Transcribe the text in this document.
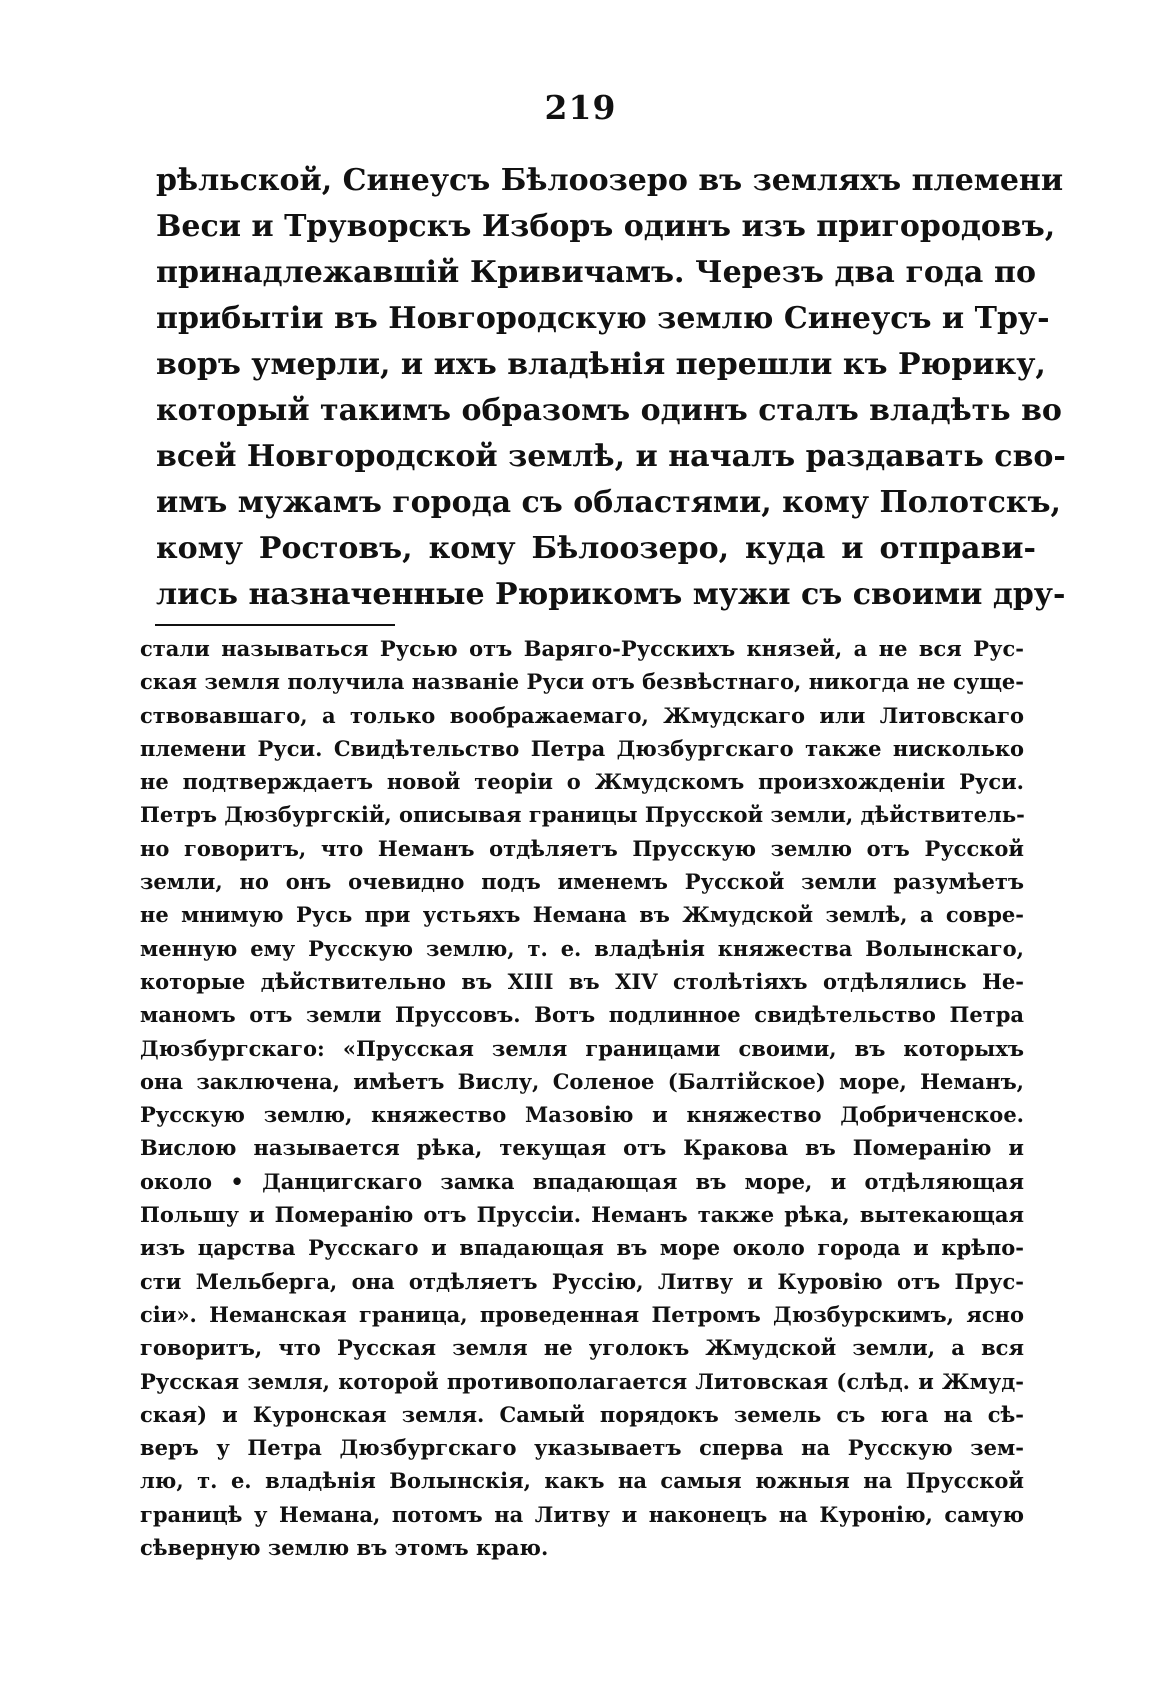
219
рѣльской, Синеусъ Бѣлоозеро въ земляхъ племени
Веси и Труворскъ Изборъ одинъ изъ пригородовъ,
принадлежавшій Кривичамъ. Черезъ два года по
прибытіи въ Новгородскую землю Синеусъ и Тру-
воръ умерли, и ихъ владѣнія перешли къ Рюрику,
который такимъ образомъ одинъ сталъ владѣть во
всей Новгородской землѣ, и началъ раздавать сво-
имъ мужамъ города съ областями, кому Полотскъ,
кому Ростовъ, кому Бѣлоозеро, куда и отправи-
лись назначенные Рюрикомъ мужи съ своими дру-
стали называться Русью отъ Варяго-Русскихъ князей, а не вся Рус-
ская земля получила названіе Руси отъ безвѣстнаго, никогда не суще-
ствовавшаго, а только воображаемаго, Жмудскаго или Литовскаго
племени Руси. Свидѣтельство Петра Дюзбургскаго также нисколько
не подтверждаетъ новой теоріи о Жмудскомъ произхожденіи Руси.
Петръ Дюзбургскій, описывая границы Прусской земли, дѣйствитель-
но говоритъ, что Неманъ отдѣляетъ Прусскую землю отъ Русской
земли, но онъ очевидно подъ именемъ Русской земли разумѣетъ
не мнимую Русь при устьяхъ Немана въ Жмудской землѣ, а совре-
менную ему Русскую землю, т. е. владѣнія княжества Волынскаго,
которые дѣйствительно въ XIII въ XIV столѣтіяхъ отдѣлялись Не-
маномъ отъ земли Пруссовъ. Вотъ подлинное свидѣтельство Петра
Дюзбургскаго: «Прусская земля границами своими, въ которыхъ
она заключена, имѣетъ Вислу, Соленое (Балтійское) море, Неманъ,
Русскую землю, княжество Мазовію и княжество Добриченское.
Вислою называется рѣка, текущая отъ Кракова въ Померанію и
около • Данцигскаго замка впадающая въ море, и отдѣляющая
Польшу и Померанію отъ Пруссіи. Неманъ также рѣка, вытекающая
изъ царства Русскаго и впадающая въ море около города и крѣпо-
сти Мельберга, она отдѣляетъ Руссію, Литву и Куровію отъ Прус-
сіи». Неманская граница, проведенная Петромъ Дюзбурскимъ, ясно
говоритъ, что Русская земля не уголокъ Жмудской земли, а вся
Русская земля, которой противополагается Литовская (слѣд. и Жмуд-
ская) и Куронская земля. Самый порядокъ земель съ юга на сѣ-
веръ у Петра Дюзбургскаго указываетъ сперва на Русскую зем-
лю, т. е. владѣнія Волынскія, какъ на самыя южныя на Прусской
границѣ у Немана, потомъ на Литву и наконецъ на Куронію, самую
сѣверную землю въ этомъ краю.
